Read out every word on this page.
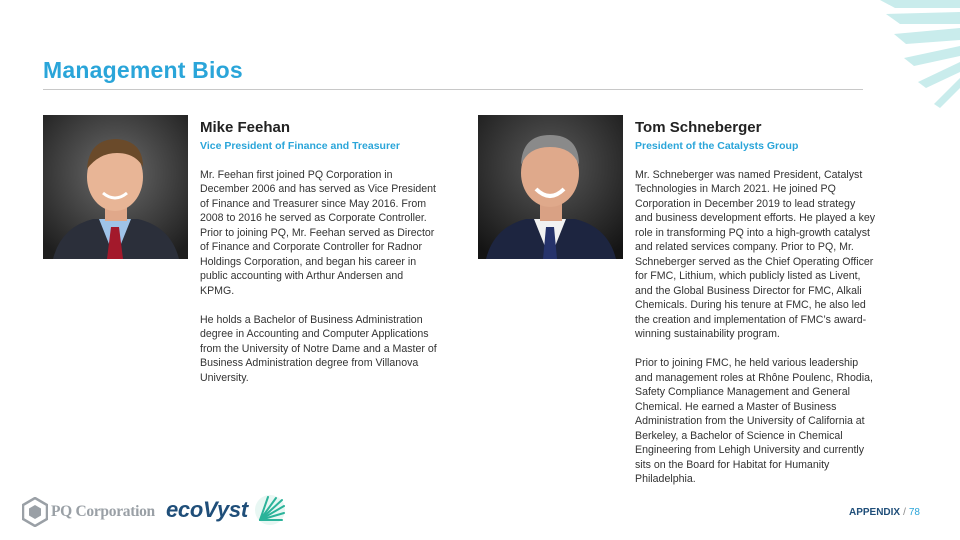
Management Bios
Mike Feehan
Vice President of Finance and Treasurer
Mr. Feehan first joined PQ Corporation in
December 2006 and has served as Vice President
of Finance and Treasurer since May 2016. From
2008 to 2016 he served as Corporate Controller.
Prior to joining PQ, Mr. Feehan served as Director
of Finance and Corporate Controller for Radnor
Holdings Corporation, and began his career in
public accounting with Arthur Andersen and
KPMG.
He holds a Bachelor of Business Administration
degree in Accounting and Computer Applications
from the University of Notre Dame and a Master of
Business Administration degree from Villanova
University.
Tom Schneberger
President of the Catalysts Group
Mr. Schneberger was named President, Catalyst
Technologies in March 2021. He joined PQ
Corporation in December 2019 to lead strategy
and business development efforts. He played a key
role in transforming PQ into a high-growth catalyst
and related services company. Prior to PQ, Mr.
Schneberger served as the Chief Operating Officer
for FMC, Lithium, which publicly listed as Livent,
and the Global Business Director for FMC, Alkali
Chemicals. During his tenure at FMC, he also led
the creation and implementation of FMC’s award-
winning sustainability program.
Prior to joining FMC, he held various leadership
and management roles at Rhône Poulenc, Rhodia,
Safety Compliance Management and General
Chemical. He earned a Master of Business
Administration from the University of California at
Berkeley, a Bachelor of Science in Chemical
Engineering from Lehigh University and currently
sits on the Board for Habitat for Humanity
Philadelphia.
PQ Corporation ecoVyst	APPENDIX / 78
